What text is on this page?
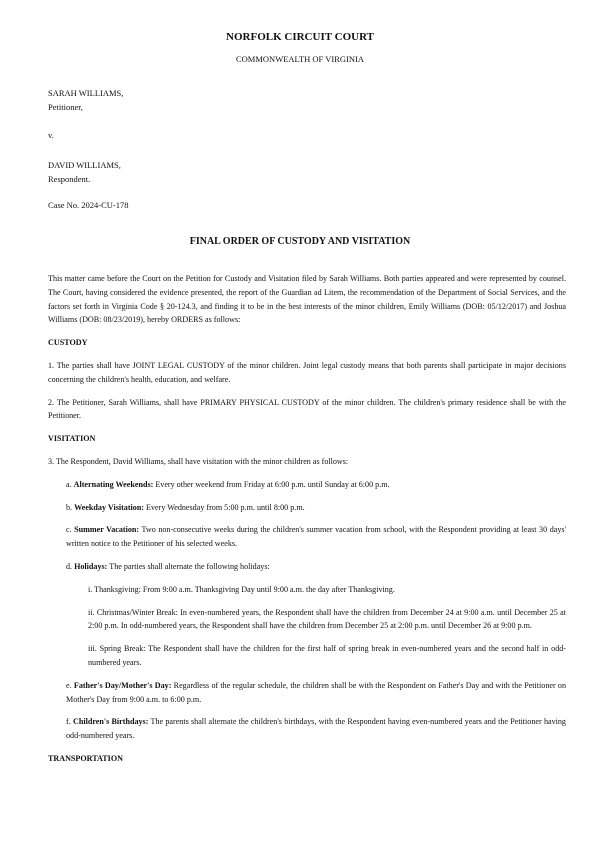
NORFOLK CIRCUIT COURT
COMMONWEALTH OF VIRGINIA
SARAH WILLIAMS,
Petitioner,
v.
DAVID WILLIAMS,
Respondent.
Case No. 2024-CU-178
FINAL ORDER OF CUSTODY AND VISITATION

This matter came before the Court on the Petition for Custody and Visitation filed by Sarah Williams. Both parties appeared and were represented by counsel. The Court, having considered the evidence presented, the report of the Guardian ad Litem, the recommendation of the Department of Social Services, and the factors set forth in Virginia Code § 20-124.3, and finding it to be in the best interests of the minor children, Emily Williams (DOB: 05/12/2017) and Joshua Williams (DOB: 08/23/2019), hereby ORDERS as follows:

CUSTODY

1. The parties shall have JOINT LEGAL CUSTODY of the minor children. Joint legal custody means that both parents shall participate in major decisions concerning the children's health, education, and welfare.

2. The Petitioner, Sarah Williams, shall have PRIMARY PHYSICAL CUSTODY of the minor children. The children's primary residence shall be with the Petitioner.

VISITATION

3. The Respondent, David Williams, shall have visitation with the minor children as follows:

a. Alternating Weekends: Every other weekend from Friday at 6:00 p.m. until Sunday at 6:00 p.m.

b. Weekday Visitation: Every Wednesday from 5:00 p.m. until 8:00 p.m.

c. Summer Vacation: Two non-consecutive weeks during the children's summer vacation from school, with the Respondent providing at least 30 days' written notice to the Petitioner of his selected weeks.

d. Holidays: The parties shall alternate the following holidays:

i. Thanksgiving: From 9:00 a.m. Thanksgiving Day until 9:00 a.m. the day after Thanksgiving.

ii. Christmas/Winter Break: In even-numbered years, the Respondent shall have the children from December 24 at 9:00 a.m. until December 25 at 2:00 p.m. In odd-numbered years, the Respondent shall have the children from December 25 at 2:00 p.m. until December 26 at 9:00 p.m.

iii. Spring Break: The Respondent shall have the children for the first half of spring break in even-numbered years and the second half in odd-numbered years.

e. Father's Day/Mother's Day: Regardless of the regular schedule, the children shall be with the Respondent on Father's Day and with the Petitioner on Mother's Day from 9:00 a.m. to 6:00 p.m.

f. Children's Birthdays: The parents shall alternate the children's birthdays, with the Respondent having even-numbered years and the Petitioner having odd-numbered years.

TRANSPORTATION
